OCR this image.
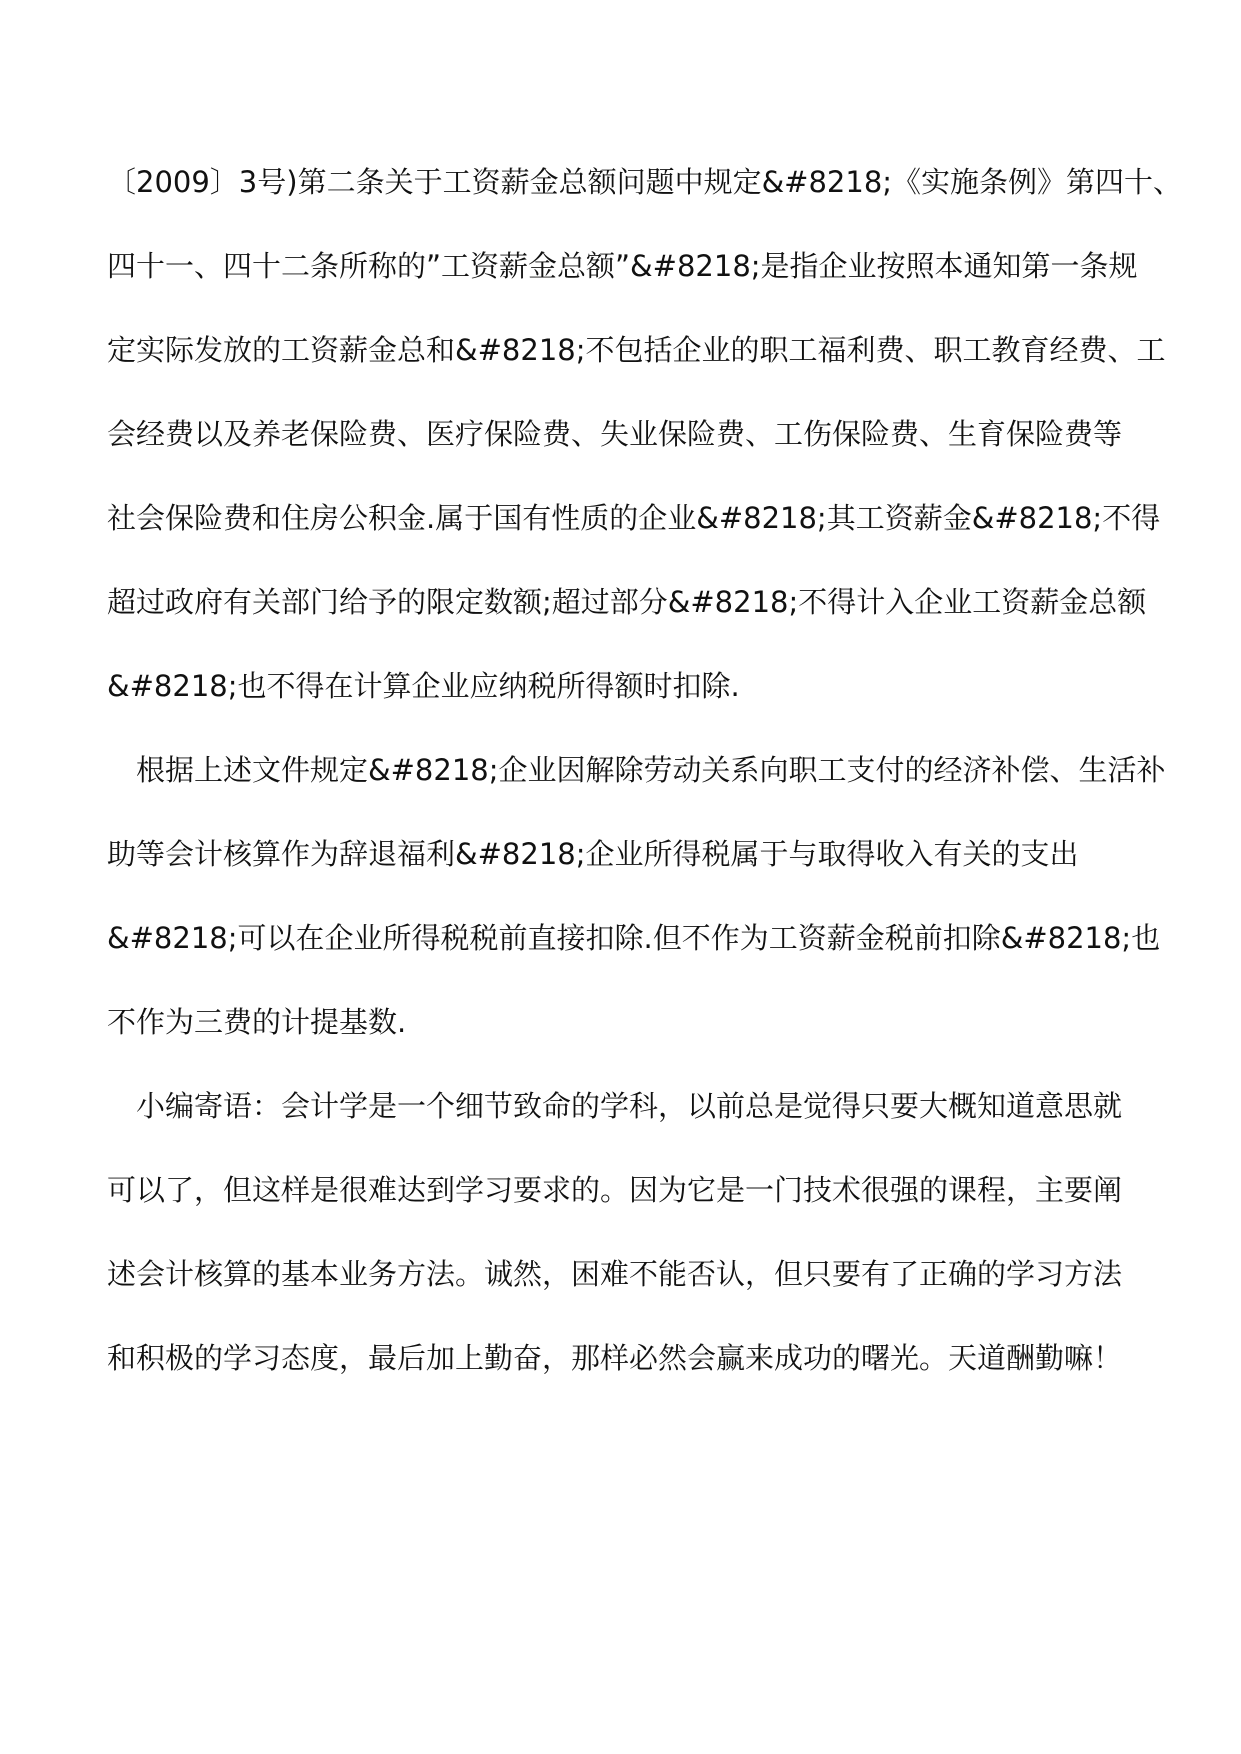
〔2009〕3号)第二条关于工资薪金总额问题中规定&#8218;《实施条例》第四十、
四十一、四十二条所称的”工资薪金总额”&#8218;是指企业按照本通知第一条规
定实际发放的工资薪金总和&#8218;不包括企业的职工福利费、职工教育经费、工
会经费以及养老保险费、医疗保险费、失业保险费、工伤保险费、生育保险费等
社会保险费和住房公积金.属于国有性质的企业&#8218;其工资薪金&#8218;不得
超过政府有关部门给予的限定数额;超过部分&#8218;不得计入企业工资薪金总额
&#8218;也不得在计算企业应纳税所得额时扣除.
根据上述文件规定&#8218;企业因解除劳动关系向职工支付的经济补偿、生活补
助等会计核算作为辞退福利&#8218;企业所得税属于与取得收入有关的支出
&#8218;可以在企业所得税税前直接扣除.但不作为工资薪金税前扣除&#8218;也
不作为三费的计提基数.
小编寄语：会计学是一个细节致命的学科，以前总是觉得只要大概知道意思就
可以了，但这样是很难达到学习要求的。因为它是一门技术很强的课程，主要阐
述会计核算的基本业务方法。诚然，困难不能否认，但只要有了正确的学习方法
和积极的学习态度，最后加上勤奋，那样必然会赢来成功的曙光。天道酬勤嘛！
